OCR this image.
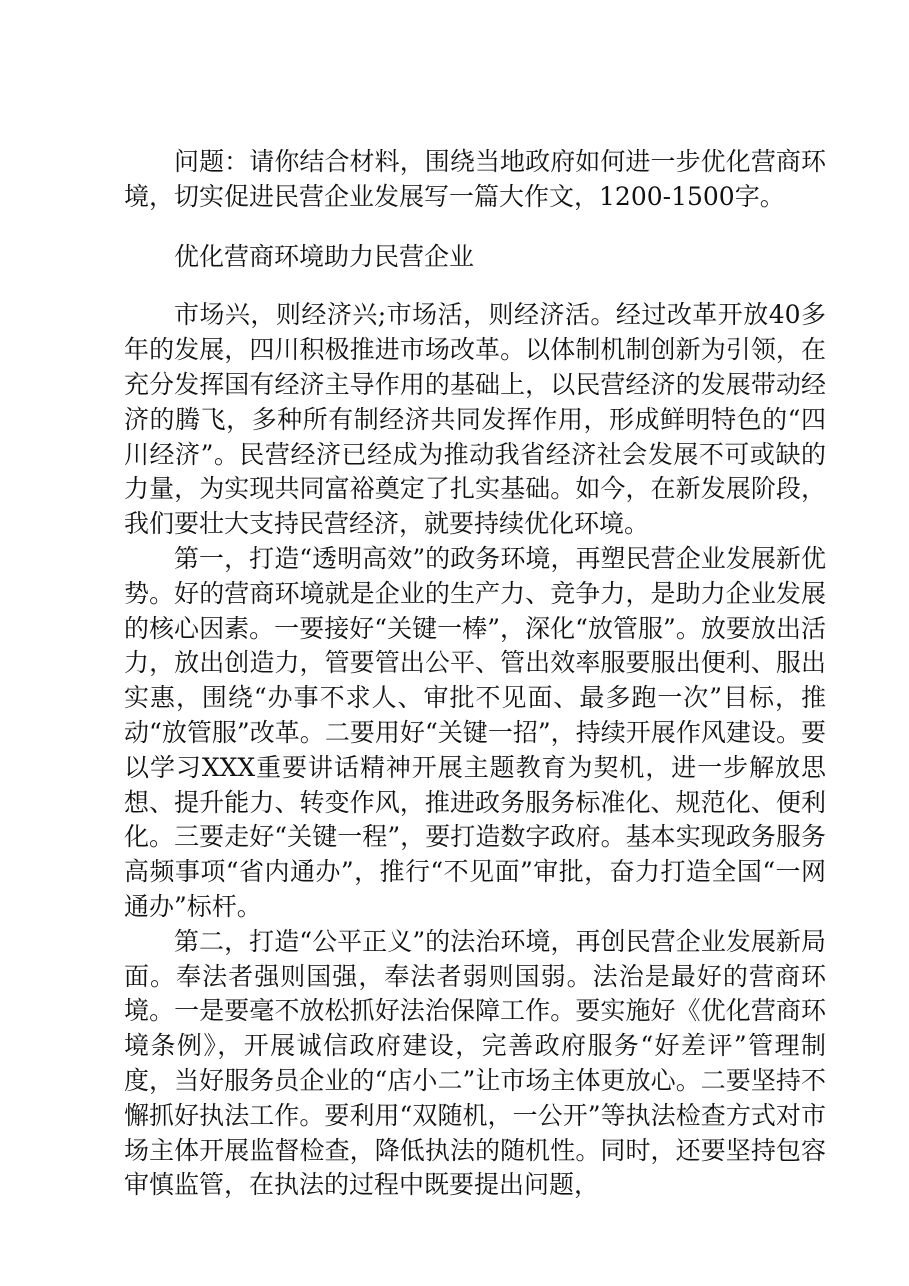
问题：请你结合材料，围绕当地政府如何进一步优化营商环境，切实促进民营企业发展写一篇大作文，1200-1500字。

优化营商环境助力民营企业

市场兴，则经济兴;市场活，则经济活。经过改革开放40多年的发展，四川积极推进市场改革。以体制机制创新为引领，在充分发挥国有经济主导作用的基础上，以民营经济的发展带动经济的腾飞，多种所有制经济共同发挥作用，形成鲜明特色的“四川经济”。民营经济已经成为推动我省经济社会发展不可或缺的力量，为实现共同富裕奠定了扎实基础。如今，在新发展阶段，我们要壮大支持民营经济，就要持续优化环境。

第一，打造“透明高效”的政务环境，再塑民营企业发展新优势。好的营商环境就是企业的生产力、竞争力，是助力企业发展的核心因素。一要接好“关键一棒”，深化“放管服”。放要放出活力，放出创造力，管要管出公平、管出效率服要服出便利、服出实惠，围绕“办事不求人、审批不见面、最多跑一次”目标，推动“放管服”改革。二要用好“关键一招”，持续开展作风建设。要以学习XXX重要讲话精神开展主题教育为契机，进一步解放思想、提升能力、转变作风，推进政务服务标准化、规范化、便利化。三要走好“关键一程”，要打造数字政府。基本实现政务服务高频事项“省内通办”，推行“不见面”审批，奋力打造全国“一网通办”标杆。

第二，打造“公平正义”的法治环境，再创民营企业发展新局面。奉法者强则国强，奉法者弱则国弱。法治是最好的营商环境。一是要毫不放松抓好法治保障工作。要实施好《优化营商环境条例》，开展诚信政府建设，完善政府服务“好差评”管理制度，当好服务员企业的“店小二”让市场主体更放心。二要坚持不懈抓好执法工作。要利用“双随机，一公开”等执法检查方式对市场主体开展监督检查，降低执法的随机性。同时，还要坚持包容审慎监管，在执法的过程中既要提出问题，
